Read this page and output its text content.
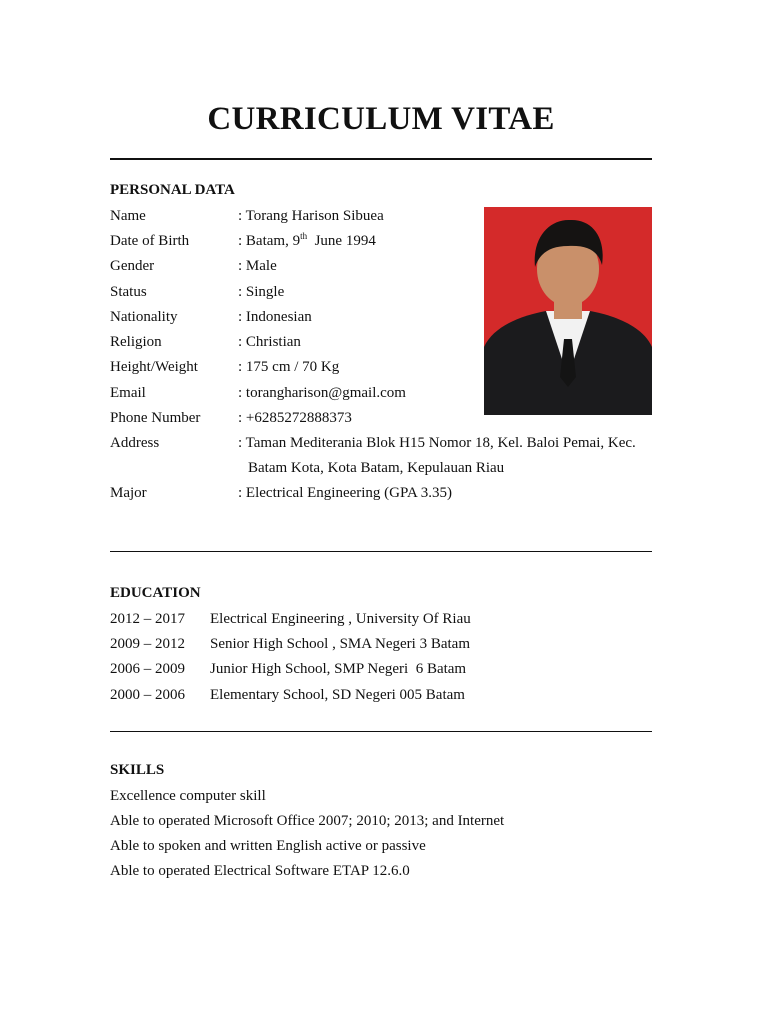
CURRICULUM VITAE
PERSONAL DATA
Name	: Torang Harison Sibuea
Date of Birth	: Batam, 9th  June 1994
Gender	: Male
Status	: Single
Nationality	: Indonesian
Religion	: Christian
Height/Weight	: 175 cm / 70 Kg
Email	: torangharison@gmail.com
Phone Number	: +6285272888373
Address	: Taman Mediterania Blok H15 Nomor 18, Kel. Baloi Pemai, Kec.
Batam Kota, Kota Batam, Kepulauan Riau
Major	: Electrical Engineering (GPA 3.35)
EDUCATION
2012 – 2017 Electrical Engineering , University Of Riau
2009 – 2012 Senior High School , SMA Negeri 3 Batam
2006 – 2009 Junior High School, SMP Negeri  6 Batam
2000 – 2006 Elementary School, SD Negeri 005 Batam
SKILLS
Excellence computer skill
Able to operated Microsoft Office 2007; 2010; 2013; and Internet
Able to spoken and written English active or passive
Able to operated Electrical Software ETAP 12.6.0
